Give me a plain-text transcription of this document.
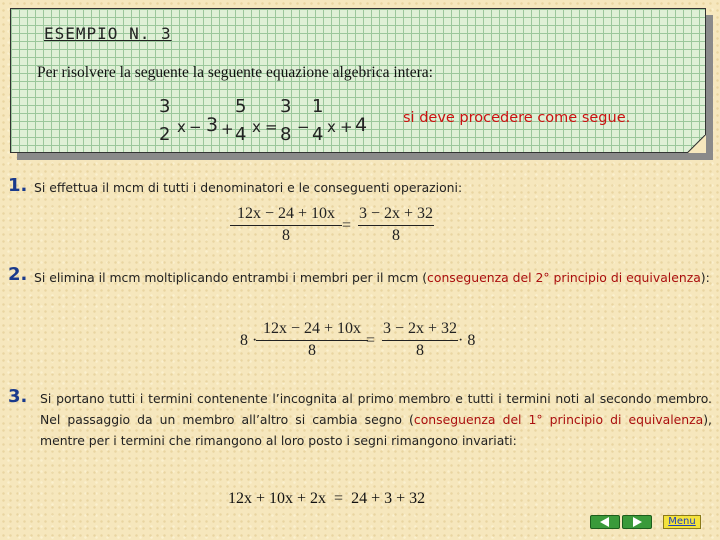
ESEMPIO N. 3
Per risolvere la seguente la seguente equazione algebrica intera:
3
2 x − 3 +
5
4 x =
3
8 −
1
4 x + 4 si deve procedere come segue.
1. Si effettua il mcm di tutti i denominatori e le conseguenti operazioni:
12x − 24 + 10x
8
=
3 − 2x + 32
8
2. Si elimina il mcm moltiplicando entrambi i membri per il mcm (conseguenza del 2° principio di equivalenza):
8 ·
12x − 24 + 10x
8
=
3 − 2x + 32
8
· 8
3. Si portano tutti i termini contenente l’incognita al primo membro e tutti i termini noti al secondo membro. Nel passaggio da un membro all’altro si cambia segno (conseguenza del 1° principio di equivalenza), mentre per i termini che rimangono al loro posto i segni rimangono invariati:
12x + 10x + 2x  =  24 + 3 + 32
Menu
